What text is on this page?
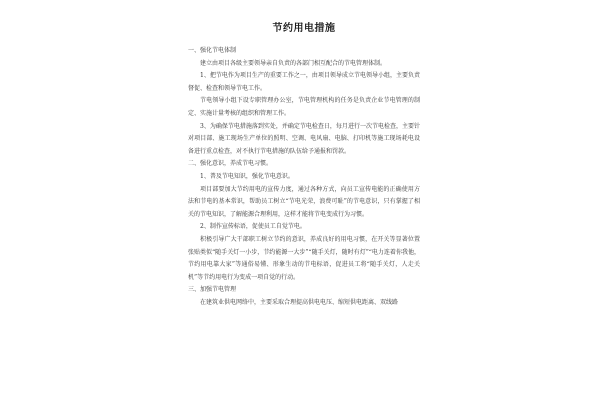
节约用电措施
一、强化节电体制
建立由项目各级主要领导亲自负责的各部门相互配合的节电管理体制。
1、把节电作为项目生产的重要工作之一，由项目领导成立节电领导小组，主要负责督促、检查和领导节电工作。
节电领导小组下设专职管理办公室，节电管理机构的任务是负责企业节电管理的制定、实施计量考核的组织和管理工作。
3、为确保节电措施落到实处，并确定节电检查日，每月进行一次节电检查，主要针对项目部、施工现场生产单位的照明、空调、电风扇、电脑、打印机等施工现场耗电设备进行重点检查，对不执行节电措施的队伍给予通报和罚款。
二、强化意识，养成节电习惯。
1、普及节电知识，强化节电意识。
项目部要加大节约用电的宣传力度，通过各种方式，向员工宣传电能的正确使用方法和节电的基本常识，帮助员工树立“节电光荣，浪费可耻”的节电意识，只有掌握了相关的节电知识，了解能源合理利用，这样才能将节电变成行为习惯。
2、制作宣传标语，促使员工自觉节电。
积极引导广大干部职工树立节约的意识，养成良好的用电习惯，在开关等显著位置张贴类似“随手关灯一小步，节约能源一大步”“随手关灯，随时有灯”“电力连着你我他，节约用电靠大家”等通俗易懂、形象生动的节电标语，促进员工将“随手关灯，人走关机”等节约用电行为变成一项自觉的行动。
三、加强节电管理
在建筑业供电网络中，主要采取合理提高供电电压、缩短供电距离、双线路
